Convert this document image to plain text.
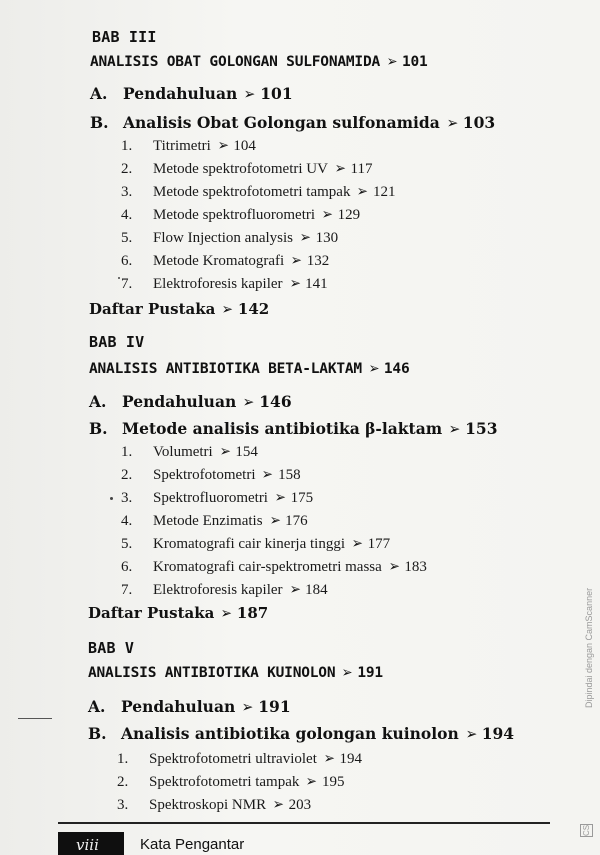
BAB III
ANALISIS OBAT GOLONGAN SULFONAMIDA ➢ 101
A. Pendahuluan ➢ 101
B. Analisis Obat Golongan sulfonamida ➢ 103
1. Titrimetri ➢ 104
2. Metode spektrofotometri UV ➢ 117
3. Metode spektrofotometri tampak ➢ 121
4. Metode spektrofluorometri ➢ 129
5. Flow Injection analysis ➢ 130
6. Metode Kromatografi ➢ 132
7. Elektroforesis kapiler ➢ 141
Daftar Pustaka ➢ 142
BAB IV
ANALISIS ANTIBIOTIKA BETA-LAKTAM ➢ 146
A. Pendahuluan ➢ 146
B. Metode analisis antibiotika β-laktam ➢ 153
1. Volumetri ➢ 154
2. Spektrofotometri ➢ 158
3. Spektrofluorometri ➢ 175
4. Metode Enzimatis ➢ 176
5. Kromatografi cair kinerja tinggi ➢ 177
6. Kromatografi cair-spektrometri massa ➢ 183
7. Elektroforesis kapiler ➢ 184
Daftar Pustaka ➢ 187
BAB V
ANALISIS ANTIBIOTIKA KUINOLON ➢ 191
A. Pendahuluan ➢ 191
B. Analisis antibiotika golongan kuinolon ➢ 194
1. Spektrofotometri ultraviolet ➢ 194
2. Spektrofotometri tampak ➢ 195
3. Spektroskopi NMR ➢ 203
viii	Kata Pengantar
Dipindai dengan CamScanner
CS
